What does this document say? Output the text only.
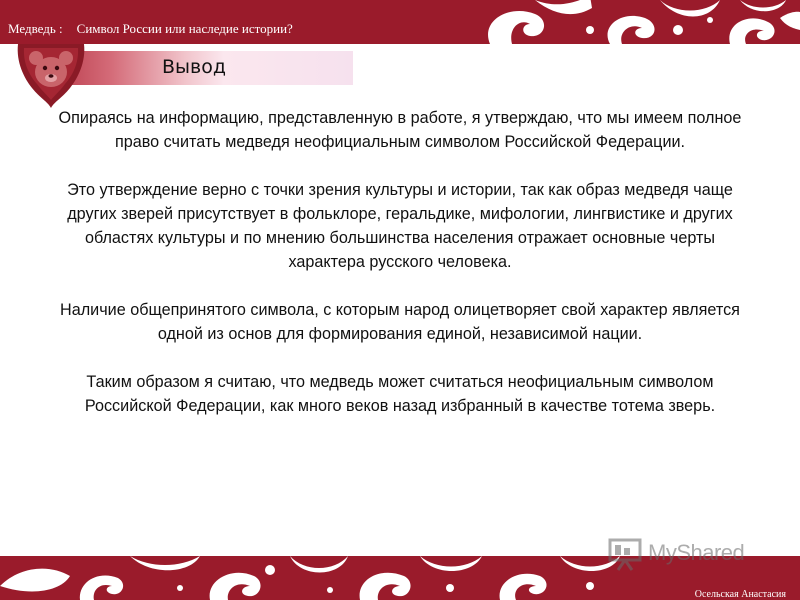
Медведь : Символ России или наследие истории?
Вывод

Опираясь на информацию, представленную в работе, я утверждаю, что мы имеем полное право считать медведя неофициальным символом Российской Федерации.

Это утверждение верно с точки зрения культуры и истории, так как образ медведя чаще других зверей присутствует в фольклоре, геральдике, мифологии, лингвистике и других областях культуры и по мнению большинства населения отражает основные черты характера русского человека.

Наличие общепринятого символа, с которым народ олицетворяет свой характер является одной из основ для формирования единой, независимой нации.

Таким образом я считаю, что медведь может считаться неофициальным символом Российской Федерации, как много веков назад избранный в качестве тотема зверь.

Осельская Анастасия
MyShared
